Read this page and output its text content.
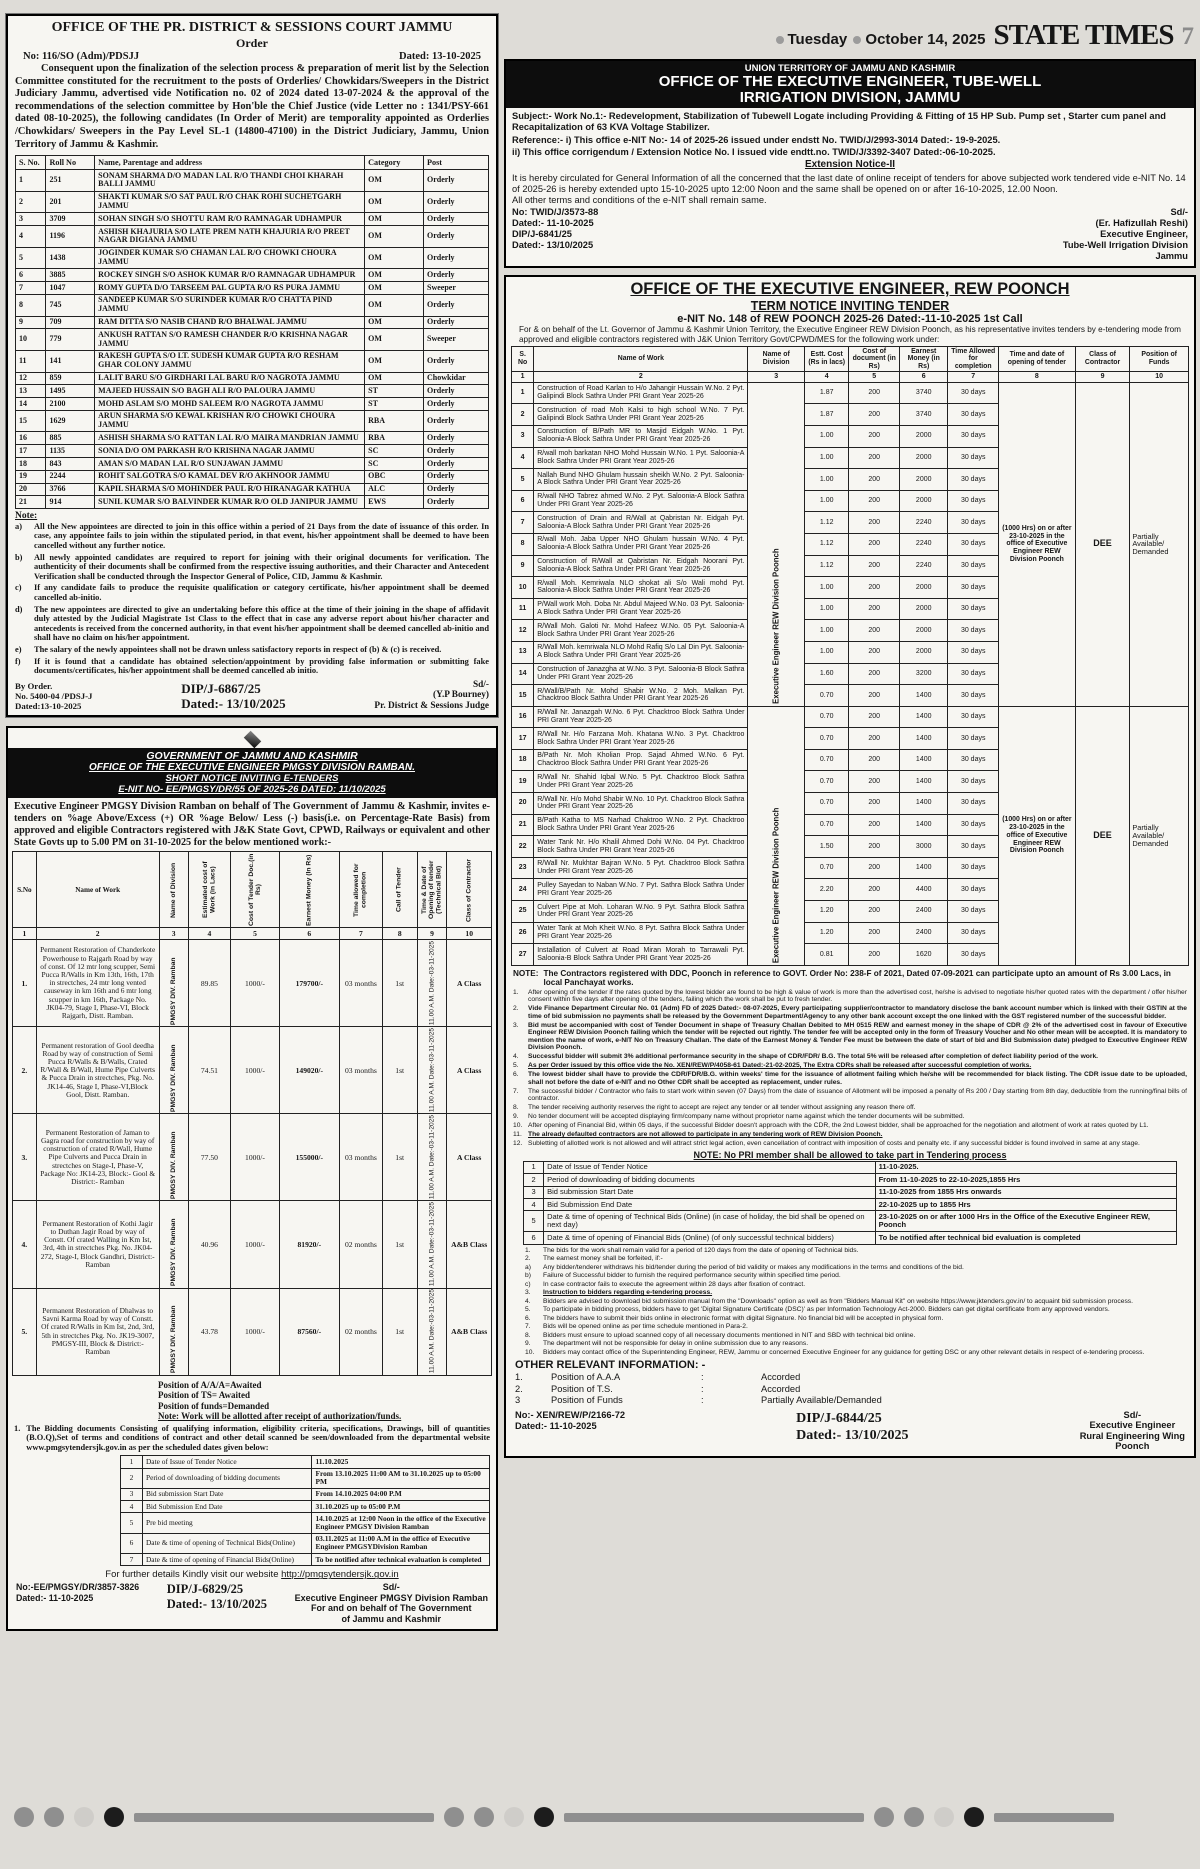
OFFICE OF THE PR. DISTRICT & SESSIONS COURT JAMMU
Order
No: 116/SO (Adm)/PDSJJ	Dated: 13-10-2025
Consequent upon the finalization of the selection process & preparation of merit list by the Selection Committee constituted for the recruitment to the posts of Orderlies/ Chowkidars/Sweepers in the District Judiciary Jammu, advertised vide Notification no. 02 of 2024 dated 13-07-2024 & the approval of the recommendations of the selection committee by Hon'ble the Chief Justice (vide Letter no : 1341/PSY-661 dated 08-10-2025), the following candidates (In Order of Merit) are temporality appointed as Orderlies /Chowkidars/ Sweepers in the Pay Level SL-1 (14800-47100) in the District Judiciary, Jammu, Union Territory of Jammu & Kashmir.
S. No.	Roll No	Name, Parentage and address	Category	Post
1	251	SONAM SHARMA D/O MADAN LAL R/O THANDI CHOI KHARAH BALLI JAMMU	OM	Orderly
2	201	SHAKTI KUMAR S/O SAT PAUL R/O CHAK ROHI SUCHETGARH JAMMU	OM	Orderly
3	3709	SOHAN SINGH S/O SHOTTU RAM R/O RAMNAGAR UDHAMPUR	OM	Orderly
4	1196	ASHISH KHAJURIA S/O LATE PREM NATH KHAJURIA R/O PREET NAGAR DIGIANA JAMMU	OM	Orderly
5	1438	JOGINDER KUMAR S/O CHAMAN LAL R/O CHOWKI CHOURA JAMMU	OM	Orderly
6	3885	ROCKEY SINGH S/O ASHOK KUMAR R/O RAMNAGAR UDHAMPUR	OM	Orderly
7	1047	ROMY GUPTA D/O TARSEEM PAL GUPTA R/O RS PURA JAMMU	OM	Sweeper
8	745	SANDEEP KUMAR S/O SURINDER KUMAR R/O CHATTA PIND JAMMU	OM	Orderly
9	709	RAM DITTA S/O NASIB CHAND R/O BHALWAL JAMMU	OM	Orderly
10	779	ANKUSH RATTAN S/O RAMESH CHANDER R/O KRISHNA NAGAR JAMMU	OM	Sweeper
11	141	RAKESH GUPTA S/O LT. SUDESH KUMAR GUPTA R/O RESHAM GHAR COLONY JAMMU	OM	Orderly
12	859	LALIT BARU S/O GIRDHARI LAL BARU R/O NAGROTA JAMMU	OM	Chowkidar
13	1495	MAJEED HUSSAIN S/O BAGH ALI R/O PALOURA JAMMU	ST	Orderly
14	2100	MOHD ASLAM S/O MOHD SALEEM R/O NAGROTA JAMMU	ST	Orderly
15	1629	ARUN SHARMA S/O KEWAL KRISHAN R/O CHOWKI CHOURA JAMMU	RBA	Orderly
16	885	ASHISH SHARMA S/O RATTAN LAL R/O MAIRA MANDRIAN JAMMU	RBA	Orderly
17	1135	SONIA D/O OM PARKASH R/O KRISHNA NAGAR JAMMU	SC	Orderly
18	843	AMAN S/O MADAN LAL R/O SUNJAWAN JAMMU	SC	Orderly
19	2244	ROHIT SALGOTRA S/O KAMAL DEV R/O AKHNOOR JAMMU	OBC	Orderly
20	3766	KAPIL SHARMA S/O MOHINDER PAUL R/O HIRANAGAR KATHUA	ALC	Orderly
21	914	SUNIL KUMAR S/O BALVINDER KUMAR R/O OLD JANIPUR JAMMU	EWS	Orderly
Note:
a)	All the New appointees are directed to join in this office within a period of 21 Days from the date of issuance of this order. In case, any appointee fails to join within the stipulated period, in that event, his/her appointment shall be deemed to have been cancelled without any further notice.
b)	All newly appointed candidates are required to report for joining with their original documents for verification. The authenticity of their documents shall be confirmed from the respective issuing authorities, and their Character and Antecedent Verification shall be conducted through the Inspector General of Police, CID, Jammu & Kashmir.
c)	If any candidate fails to produce the requisite qualification or category certificate, his/her appointment shall be deemed cancelled ab-initio.
d)	The new appointees are directed to give an undertaking before this office at the time of their joining in the shape of affidavit duly attested by the Judicial Magistrate 1st Class to the effect that in case any adverse report about his/her character and antecedents is received from the concerned authority, in that event his/her appointment shall be deemed cancelled ab-initio and shall have no claim on his/her appointment.
e)	The salary of the newly appointees shall not be drawn unless satisfactory reports in respect of (b) & (c) is received.
f)	If it is found that a candidate has obtained selection/appointment by providing false information or submitting fake documents/certificates, his/her appointment shall be deemed cancelled ab initio.
By Order.
No. 5400-04 /PDSJ-J
Dated:13-10-2025
DIP/J-6867/25
Dated:- 13/10/2025
Sd/-
(Y.P Bourney)
Pr. District & Sessions Judge
GOVERNMENT OF JAMMU AND KASHMIR
OFFICE OF THE EXECUTIVE ENGINEER PMGSY DIVISION RAMBAN.
SHORT NOTICE INVITING E-TENDERS
E-NIT NO- EE/PMGSY/DR/55 OF 2025-26 DATED: 11/10/2025
Executive Engineer PMGSY Division Ramban on behalf of The Government of Jammu & Kashmir, invites e-tenders on %age Above/Excess (+) OR %age Below/ Less (-) basis(i.e. on Percentage-Rate Basis) from approved and eligible Contractors registered with J&K State Govt, CPWD, Railways or equivalent and other State Govts up to 5.00 PM on 31-10-2025 for the below mentioned work:-
S.No	Name of Work	Name of Division	Estimated cost of Work (in Lacs)	Cost of Tender Doc.(in Rs)	Earnest Money (In Rs)	Time allowed for completion	Call of Tender	Time & Date of Opening of tender (Technical Bid)	Class of Contractor
1	2	3	4	5	6	7	8	9	10
1.	Permanent Restoration of Chanderkote Powerhouse to Rajgarh Road by way of const. Of 12 mtr long scupper, Semi Pucca R/Walls in Km 13th, 16th, 17th in strectches, 24 mtr long vented causeway in km 16th and 6 mtr long scupper in km 16th, Package No. JK04-79, Stage I, Phase-VI, Block Rajgarh, Distt. Ramban.	PMGSY DIV. Ramban	89.85	1000/-	179700/-	03 months	1st	11.00 A.M. Date:-03-11-2025	A Class
2.	Permanent restoration of Gool deedha Road by way of construction of Semi Pucca R/Walls & B/Walls, Crated R/Wall & B/Wall, Hume Pipe Culverts & Pucca Drain in strectches, Pkg. No. JK14-46, Stage I, Phase-VI,Block Gool, Distt. Ramban.	PMGSY DIV. Ramban	74.51	1000/-	149020/-	03 months	1st	11.00 A.M. Date:-03-11-2025	A Class
3.	Permanent Restoration of Jaman to Gagra road for construction by way of construction of crated R/Wall, Hume Pipe Culverts and Pucca Drain in strectches on Stage-I, Phase-V, Package No: JK14-23, Block:- Gool & District:- Ramban	PMGSY DIV. Ramban	77.50	1000/-	155000/-	03 months	1st	11.00 A.M. Date:-03-11-2025	A Class
4.	Permanent Restoration of Kothi Jagir to Duthan Jagir Road by way of Constt. Of crated Walling in Km Ist, 3rd, 4th in strectches Pkg. No. JK04-272, Stage-I, Block Gandhri, District:- Ramban	PMGSY DIV. Ramban	40.96	1000/-	81920/-	02 months	1st	11.00 A.M. Date:-03-11-2025	A&B Class
5.	Permanent Restoration of Dhalwas to Savni Karma Road by way of Constt. Of crated R/Walls in Km Ist, 2nd, 3rd, 5th in strectches Pkg. No. JK19-3007, PMGSY-III, Block & District:- Ramban	PMGSY DIV. Ramban	43.78	1000/-	87560/-	02 months	1st	11.00 A.M. Date:-03-11-2025	A&B Class
Position of A/A/A=Awaited
Position of TS= Awaited
Position of funds=Demanded
Note: Work will be allotted after receipt of authorization/funds.
1. The Bidding documents Consisting of qualifying information, eligibility criteria, specifications, Drawings, bill of quantities (B.O.Q),Set of terms and conditions of contract and other detail scanned be seen/downloaded from the departmental website www.pmgsytendersjk.gov.in as per the scheduled dates given below:
1	Date of Issue of Tender Notice	11.10.2025
2	Period of downloading of bidding documents	From 13.10.2025 11:00 AM to 31.10.2025 up to 05:00 PM
3	Bid submission Start Date	From 14.10.2025 04:00 P.M
4	Bid Submission End Date	31.10.2025 up to 05:00 P.M
5	Pre bid meeting	14.10.2025 at 12:00 Noon in the office of the Executive Engineer PMGSY Division Ramban
6	Date & time of opening of Technical Bids(Online)	03.11.2025 at 11:00 A.M in the office of Executive Engineer PMGSYDivision Ramban
7	Date & time of opening of Financial Bids(Online)	To be notified after technical evaluation is completed
For further details Kindly visit our website http://pmgsytendersjk.gov.in
No:-EE/PMGSY/DR/3857-3826
Dated:- 11-10-2025
DIP/J-6829/25
Dated:- 13/10/2025
Sd/-
Executive Engineer PMGSY Division Ramban
For and on behalf of The Government
of Jammu and Kashmir
Tuesday October 14, 2025 STATE TIMES 7
UNION TERRITORY OF JAMMU AND KASHMIR
OFFICE OF THE EXECUTIVE ENGINEER, TUBE-WELL
IRRIGATION DIVISION, JAMMU
Subject:- Work No.1:- Redevelopment, Stabilization of Tubewell Logate including Providing & Fitting of 15 HP Sub. Pump set , Starter cum panel and Recapitalization of 63 KVA Voltage Stabilizer.
Reference:- i) This office e-NIT No:- 14 of 2025-26 issued under endstt No. TWID/J/2993-3014 Dated:- 19-9-2025.
ii) This office corrigendum / Extension Notice No. I issued vide endtt.no. TWID/J/3392-3407 Dated:-06-10-2025.
Extension Notice-II
It is hereby circulated for General Information of all the concerned that the last date of online receipt of tenders for above subjected work tendered vide e-NIT No. 14 of 2025-26 is hereby extended upto 15-10-2025 upto 12:00 Noon and the same shall be opened on or after 16-10-2025, 12.00 Noon.
All other terms and conditions of the e-NIT shall remain same.
No: TWID/J/3573-88
Dated:- 11-10-2025
DIP/J-6841/25
Dated:- 13/10/2025
Sd/-
(Er. Hafizullah Reshi)
Executive Engineer,
Tube-Well Irrigation Division
Jammu
OFFICE OF THE EXECUTIVE ENGINEER, REW POONCH
TERM NOTICE INVITING TENDER
e-NIT No. 148 of REW POONCH 2025-26 Dated:-11-10-2025 1st Call
For & on behalf of the Lt. Governor of Jammu & Kashmir Union Territory, the Executive Engineer REW Division Poonch, as his representative invites tenders by e-tendering mode from approved and eligible contractors registered with J&K Union Territory Govt/CPWD/MES for the following work under:
S. No	Name of Work	Name of Division	Estt. Cost (Rs in lacs)	Cost of document (in Rs)	Earnest Money (in Rs)	Time Allowed for completion	Time and date of opening of tender	Class of Contractor	Position of Funds
1	2	3	4	5	6	7	8	9	10
1	Construction of Road Karlan to H/o Jahangir Hussain W.No. 2 Pyt. Galipindi Block Sathra Under PRI Grant Year 2025-26	Executive Engineer REW Division Poonch	1.87	200	3740	30 days	(1000 Hrs) on or after 23-10-2025 in the office of Executive Engineer REW Division Poonch	DEE	Partially Available/ Demanded
2	Construction of road Moh Kalsi to high school W.No. 7 Pyt. Galipindi Block Sathra Under PRI Grant Year 2025-26		1.87	200	3740	30 days			
3	Construction of B/Path MR to Masjid Eidgah W.No. 1 Pyt. Saloonia-A Block Sathra Under PRI Grant Year 2025-26		1.00	200	2000	30 days			
4	R/wall moh barkatan NHO Mohd Hussain W.No. 1 Pyt. Saloonia-A Block Sathra Under PRI Grant Year 2025-26		1.00	200	2000	30 days			
5	Nallah Bund NHO Ghulam hussain sheikh W.No. 2 Pyt. Saloonia-A Block Sathra Under PRI Grant Year 2025-26		1.00	200	2000	30 days			
6	R/wall NHO Tabrez ahmed W.No. 2 Pyt. Saloonia-A Block Sathra Under PRI Grant Year 2025-26		1.00	200	2000	30 days			
7	Construction of Drain and R/Wall at Qabristan Nr. Eidgah Pyt. Saloonia-A Block Sathra Under PRI Grant Year 2025-26		1.12	200	2240	30 days			
8	R/wall Moh. Jaba Upper NHO Ghulam hussain W.No. 4 Pyt. Saloonia-A Block Sathra Under PRI Grant Year 2025-26		1.12	200	2240	30 days			
9	Construction of R/Wall at Qabristan Nr. Eidgah Noorani Pyt. Saloonia-A Block Sathra Under PRI Grant Year 2025-26		1.12	200	2240	30 days			
10	R/wall Moh. Kemriwala NLO shokat ali S/o Wali mohd Pyt. Saloonia-A Block Sathra Under PRI Grant Year 2025-26		1.00	200	2000	30 days			
11	P/Wall work Moh. Doba Nr. Abdul Majeed W.No. 03 Pyt. Saloonia-A Block Sathra Under PRI Grant Year 2025-26		1.00	200	2000	30 days			
12	R/Wall Moh. Galoti Nr. Mohd Hafeez W.No. 05 Pyt. Saloonia-A Block Sathra Under PRI Grant Year 2025-26		1.00	200	2000	30 days			
13	R/Wall Moh. kemriwala NLO Mohd Rafiq S/o Lal Din Pyt. Saloonia-A Block Sathra Under PRI Grant Year 2025-26		1.00	200	2000	30 days			
14	Construction of Janazgha at W.No. 3 Pyt. Saloonia-B Block Sathra Under PRI Grant Year 2025-26		1.60	200	3200	30 days			
15	R/Wall/B/Path Nr. Mohd Shabir W.No. 2 Moh. Malkan Pyt. Chacktroo Block Sathra Under PRI Grant Year 2025-26		0.70	200	1400	30 days			
16	R/Wall Nr. Janazgah W.No. 6 Pyt. Chacktroo Block Sathra Under PRI Grant Year 2025-26	Executive Engineer REW Division Poonch	0.70	200	1400	30 days	(1000 Hrs) on or after 23-10-2025 in the office of Executive Engineer REW Division Poonch	DEE	Partially Available/ Demanded
17	R/Wall Nr. H/o Farzana Moh. Khatana W.No. 3 Pyt. Chacktroo Block Sathra Under PRI Grant Year 2025-26		0.70	200	1400	30 days			
18	B/Path Nr. Moh Kholian Prop. Sajad Ahmed W.No. 6 Pyt. Chacktroo Block Sathra Under PRI Grant Year 2025-26		0.70	200	1400	30 days			
19	R/Wall Nr. Shahid Iqbal W.No. 5 Pyt. Chacktroo Block Sathra Under PRI Grant Year 2025-26		0.70	200	1400	30 days			
20	R/Wall Nr. H/o Mohd Shabir W.No. 10 Pyt. Chacktroo Block Sathra Under PRI Grant Year 2025-26		0.70	200	1400	30 days			
21	B/Path Katha to MS Narhad Chaktroo W.No. 2 Pyt. Chacktroo Block Sathra Under PRI Grant Year 2025-26		0.70	200	1400	30 days			
22	Water Tank Nr. H/o Khalil Ahmed Dohi W.No. 04 Pyt. Chacktroo Block Sathra Under PRI Grant Year 2025-26		1.50	200	3000	30 days			
23	R/Wall Nr. Mukhtar Bajran W.No. 5 Pyt. Chacktroo Block Sathra Under PRI Grant Year 2025-26		0.70	200	1400	30 days			
24	Pulley Sayedan to Naban W.No. 7 Pyt. Sathra Block Sathra Under PRI Grant Year 2025-26		2.20	200	4400	30 days			
25	Culvert Pipe at Moh. Loharan W.No. 9 Pyt. Sathra Block Sathra Under PRI Grant Year 2025-26		1.20	200	2400	30 days			
26	Water Tank at Moh Kheit W.No. 8 Pyt. Sathra Block Sathra Under PRI Grant Year 2025-26		1.20	200	2400	30 days			
27	Installation of Culvert at Road Miran Morah to Tarrawali Pyt. Saloonia-B Block Sathra Under PRI Grant Year 2025-26		0.81	200	1620	30 days			
NOTE: The Contractors registered with DDC, Poonch in reference to GOVT. Order No: 238-F of 2021, Dated 07-09-2021 can participate upto an amount of Rs 3.00 Lacs, in local Panchayat works.
1.	After opening of the tender if the rates quoted by the lowest bidder are found to be high & value of work is more than the advertised cost, he/she is advised to negotiate his/her quoted rates with the department / offer his/her consent within five days after opening of the tenders, failing which the work shall be put to fresh tender.
2.	Vide Finance Department Circular No. 01 (Adm) FD of 2025 Dated:- 08-07-2025, Every participating supplier/contractor to mandatory disclose the bank account number which is linked with their GSTIN at the time of bid submission no payments shall be released by the Government Department/Agency to any other bank account except the one linked with the GST registered number of the successful bidder.
3.	Bid must be accompanied with cost of Tender Document in shape of Treasury Challan Debited to MH 0515 REW and earnest money in the shape of CDR @ 2% of the advertised cost in favour of Executive Engineer REW Division Poonch failing which the tender will be rejected out rightly. The tender fee will be accepted only in the form of Treasury Voucher and No other mean will be accepted. It is mandatory to mention the name of work, e-NIT No on Treasury Challan. The date of the Earnest Money & Tender Fee must be between the date of start of bid and Bid Submission date) pledged to Executive Engineer REW Division Poonch.
4.	Successful bidder will submit 3% additional performance security in the shape of CDR/FDR/ B.G. The total 5% will be released after completion of defect liability period of the work.
5.	As per Order issued by this office vide the No. XEN/REW/P/4058-61 Dated:-21-02-2025, The Extra CDRs shall be released after successful completion of works.
6.	The lowest bidder shall have to provide the CDR/FDR/B.G. within weeks' time for the issuance of allotment failing which he/she will be recommended for black listing. The CDR issue date to be uploaded, shall not before the date of e-NIT and no Other CDR shall be accepted as replacement, under rules.
7.	The successful bidder / Contractor who fails to start work within seven (07 Days) from the date of issuance of Allotment will be imposed a penalty of Rs 200 / Day starting from 8th day, deductible from the running/final bills of contractor.
8.	The tender receiving authority reserves the right to accept are reject any tender or all tender without assigning any reason there off.
9.	No tender document will be accepted displaying firm/company name without proprietor name against which the tender documents will be submitted.
10. After opening of Financial Bid, within 05 days, if the successful Bidder doesn't approach with the CDR, the 2nd Lowest bidder, shall be approached for the negotiation and allotment of work at rates quoted by L1.
11. The already defaulted contractors are not allowed to participate in any tendering work of REW Division Poonch.
12. Subletting of allotted work is not allowed and will attract strict legal action, even cancellation of contract with imposition of costs and penalty etc. if any successful bidder is found involved in same at any stage.
NOTE: No PRI member shall be allowed to take part in Tendering process
1	Date of Issue of Tender Notice	11-10-2025.
2	Period of downloading of bidding documents	From 11-10-2025 to 22-10-2025,1855 Hrs
3	Bid submission Start Date	11-10-2025 from 1855 Hrs onwards
4	Bid Submission End Date	22-10-2025 up to 1855 Hrs
5	Date & time of opening of Technical Bids (Online) (in case of holiday, the bid shall be opened on next day)	23-10-2025 on or after 1000 Hrs in the Office of the Executive Engineer REW, Poonch
6	Date & time of opening of Financial Bids (Online) (of only successful technical bidders)	To be notified after technical bid evaluation is completed
1.	The bids for the work shall remain valid for a period of 120 days from the date of opening of Technical bids.
2.	The earnest money shall be forfeited, if:-
a)	Any bidder/tenderer withdraws his bid/tender during the period of bid validity or makes any modifications in the terms and conditions of the bid.
b)	Failure of Successful bidder to furnish the required performance security within specified time period.
c)	In case contractor fails to execute the agreement within 28 days after fixation of contract.
3.	Instruction to bidders regarding e-tendering process.
4.	Bidders are advised to download bid submission manual from the "Downloads" option as well as from "Bidders Manual Kit" on website https://www.jktenders.gov.in/ to acquaint bid submission process.
5.	To participate in bidding process, bidders have to get 'Digital Signature Certificate (DSC)' as per Information Technology Act-2000. Bidders can get digital certificate from any approved vendors.
6.	The bidders have to submit their bids online in electronic format with digital Signature. No financial bid will be accepted in physical form.
7.	Bids will be opened online as per time schedule mentioned in Para-2.
8.	Bidders must ensure to upload scanned copy of all necessary documents mentioned in NIT and SBD with technical bid online.
9.	The department will not be responsible for delay in online submission due to any reasons.
10.	Bidders may contact office of the Superintending Engineer, REW, Jammu or concerned Executive Engineer for any guidance for getting DSC or any other relevant details in respect of e-tendering process.
OTHER RELEVANT INFORMATION: -
1.	Position of A.A.A	:	Accorded
2.	Position of T.S.	:	Accorded
3	Position of Funds	:	Partially Available/Demanded
No:- XEN/REW/P/2166-72
Dated:- 11-10-2025
DIP/J-6844/25
Dated:- 13/10/2025
Sd/-
Executive Engineer
Rural Engineering Wing
Poonch
